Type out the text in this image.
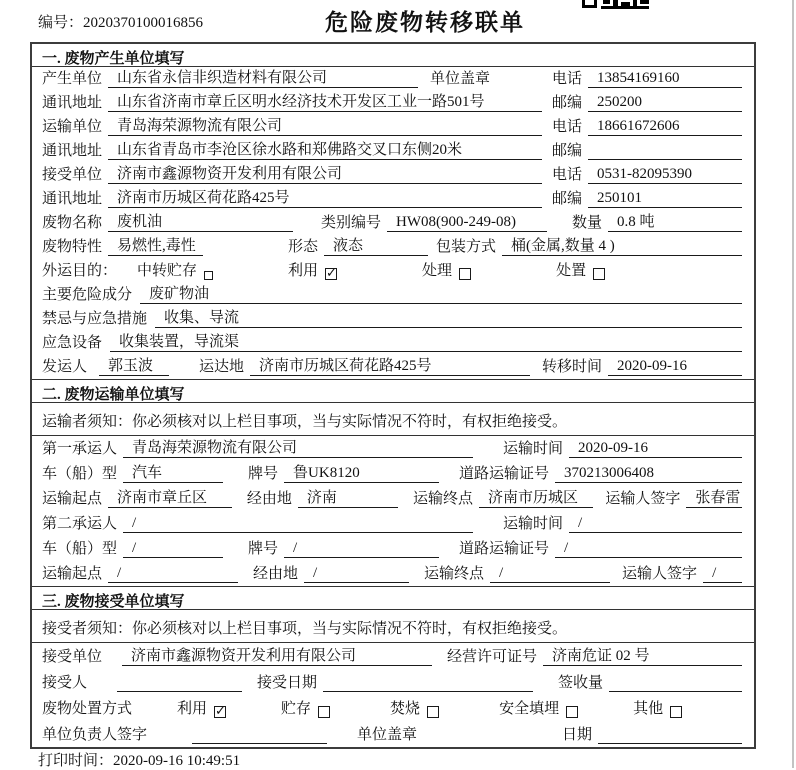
编号：2020370100016856	危险废物转移联单
一. 废物产生单位填写
产生单位	山东省永信非织造材料有限公司	单位盖章	电话	13854169160
通讯地址	山东省济南市章丘区明水经济技术开发区工业一路501号	邮编	250200
运输单位	青岛海荣源物流有限公司	电话	18661672606
通讯地址	山东省青岛市李沧区徐水路和郑佛路交叉口东侧20米	邮编
接受单位	济南市鑫源物资开发利用有限公司	电话	0531-82095390
通讯地址	济南市历城区荷花路425号	邮编	250101
废物名称	废机油	类别编号	HW08(900-249-08)	数量	0.8 吨
废物特性	易燃性,毒性	形态	液态	包装方式	桶(金属,数量 4 )
外运目的： 中转贮存	利用 ✓	处理	处置
主要危险成分	废矿物油
禁忌与应急措施	收集、导流
应急设备	收集装置，导流渠
发运人	郭玉波	运达地	济南市历城区荷花路425号	转移时间	2020-09-16
二. 废物运输单位填写
运输者须知：你必须核对以上栏目事项，当与实际情况不符时，有权拒绝接受。
第一承运人	青岛海荣源物流有限公司	运输时间	2020-09-16
车（船）型	汽车	牌号	鲁UK8120	道路运输证号	370213006408
运输起点	济南市章丘区	经由地	济南	运输终点	济南市历城区	运输人签字	张春雷
第二承运人	/	运输时间	/
车（船）型	/	牌号	/	道路运输证号	/
运输起点	/	经由地	/	运输终点	/	运输人签字	/
三. 废物接受单位填写
接受者须知：你必须核对以上栏目事项，当与实际情况不符时，有权拒绝接受。
接受单位	济南市鑫源物资开发利用有限公司	经营许可证号	济南危证 02 号
接受人	接受日期	签收量
废物处置方式	利用 ✓	贮存	焚烧	安全填埋	其他
单位负责人签字	单位盖章	日期
打印时间：2020-09-16 10:49:51
